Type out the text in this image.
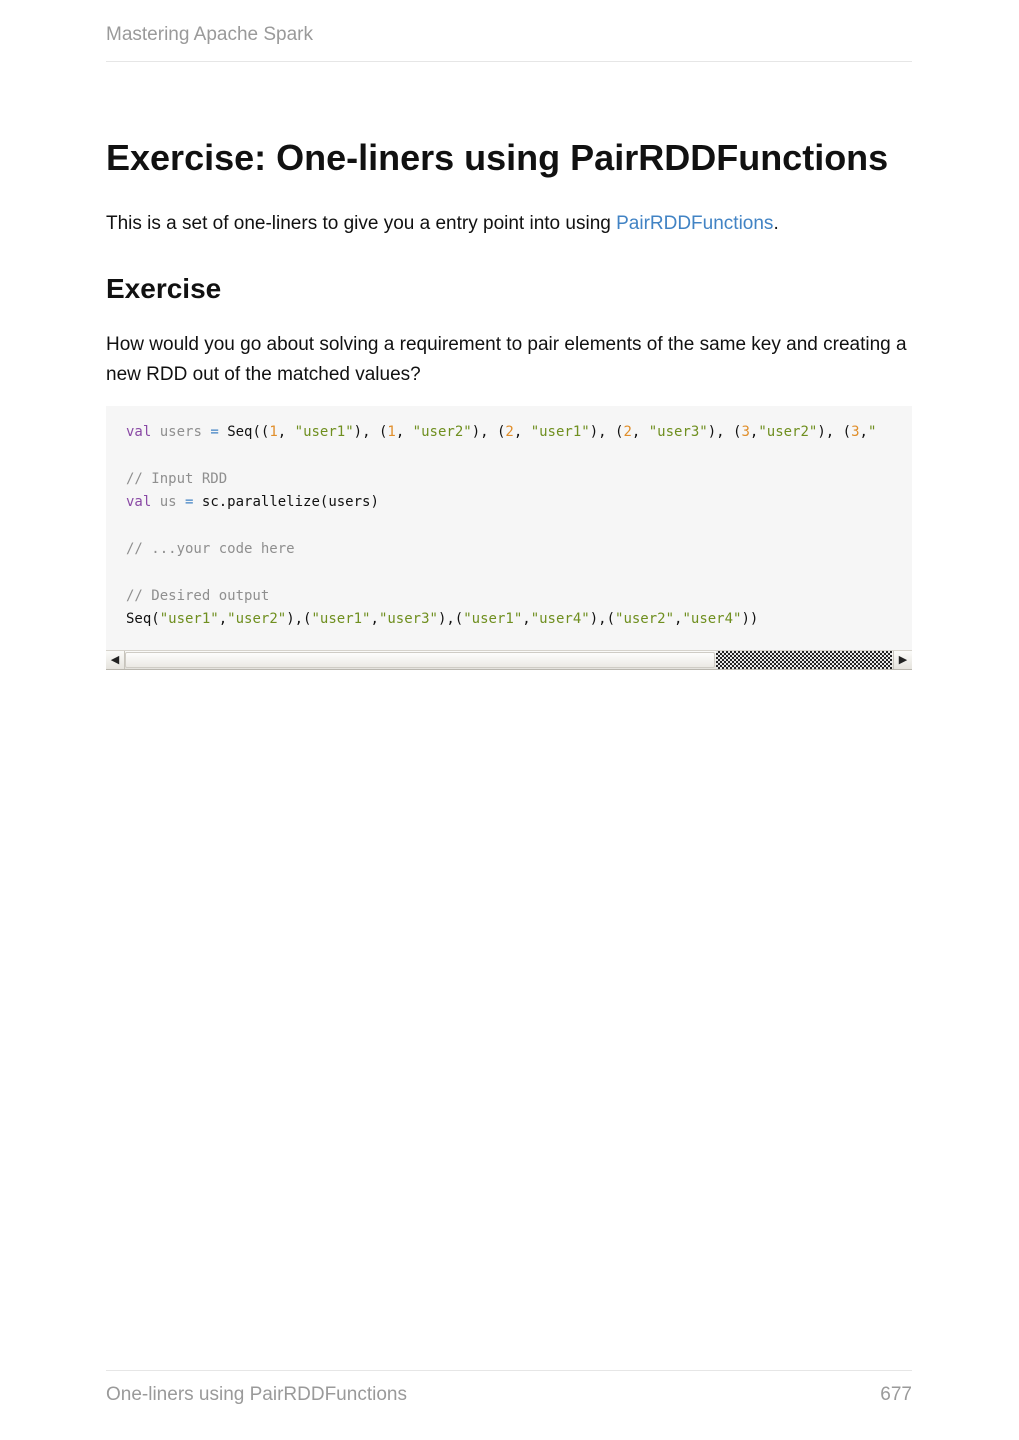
Mastering Apache Spark
Exercise: One-liners using PairRDDFunctions

This is a set of one-liners to give you a entry point into using PairRDDFunctions.

Exercise

How would you go about solving a requirement to pair elements of the same key and creating a new RDD out of the matched values?

val users = Seq((1, "user1"), (1, "user2"), (2, "user1"), (2, "user3"), (3,"user2"), (3,"
// Input RDD
val us = sc.parallelize(users)
// ...your code here
// Desired output
Seq("user1","user2"),("user1","user3"),("user1","user4"),("user2","user4"))
◀	▶
One-liners using PairRDDFunctions	677
